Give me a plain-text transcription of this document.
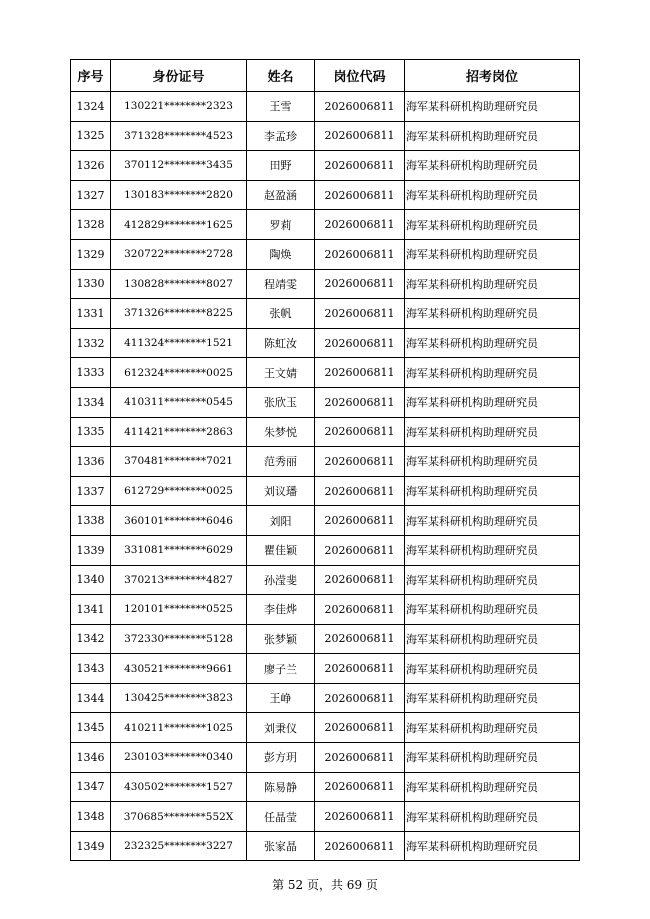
序号	身份证号	姓名	岗位代码	招考岗位
1324	130221********2323	王雪	2026006811	海军某科研机构助理研究员
1325	371328********4523	李孟珍	2026006811	海军某科研机构助理研究员
1326	370112********3435	田野	2026006811	海军某科研机构助理研究员
1327	130183********2820	赵盈涵	2026006811	海军某科研机构助理研究员
1328	412829********1625	罗莉	2026006811	海军某科研机构助理研究员
1329	320722********2728	陶焕	2026006811	海军某科研机构助理研究员
1330	130828********8027	程靖雯	2026006811	海军某科研机构助理研究员
1331	371326********8225	张帆	2026006811	海军某科研机构助理研究员
1332	411324********1521	陈虹汝	2026006811	海军某科研机构助理研究员
1333	612324********0025	王文婧	2026006811	海军某科研机构助理研究员
1334	410311********0545	张欣玉	2026006811	海军某科研机构助理研究员
1335	411421********2863	朱梦悦	2026006811	海军某科研机构助理研究员
1336	370481********7021	范秀丽	2026006811	海军某科研机构助理研究员
1337	612729********0025	刘议璠	2026006811	海军某科研机构助理研究员
1338	360101********6046	刘阳	2026006811	海军某科研机构助理研究员
1339	331081********6029	瞿佳颖	2026006811	海军某科研机构助理研究员
1340	370213********4827	孙滢斐	2026006811	海军某科研机构助理研究员
1341	120101********0525	李佳烨	2026006811	海军某科研机构助理研究员
1342	372330********5128	张梦颖	2026006811	海军某科研机构助理研究员
1343	430521********9661	廖子兰	2026006811	海军某科研机构助理研究员
1344	130425********3823	王峥	2026006811	海军某科研机构助理研究员
1345	410211********1025	刘秉仪	2026006811	海军某科研机构助理研究员
1346	230103********0340	彭方玥	2026006811	海军某科研机构助理研究员
1347	430502********1527	陈易静	2026006811	海军某科研机构助理研究员
1348	370685********552X	任晶莹	2026006811	海军某科研机构助理研究员
1349	232325********3227	张家晶	2026006811	海军某科研机构助理研究员
第 52 页，共 69 页
